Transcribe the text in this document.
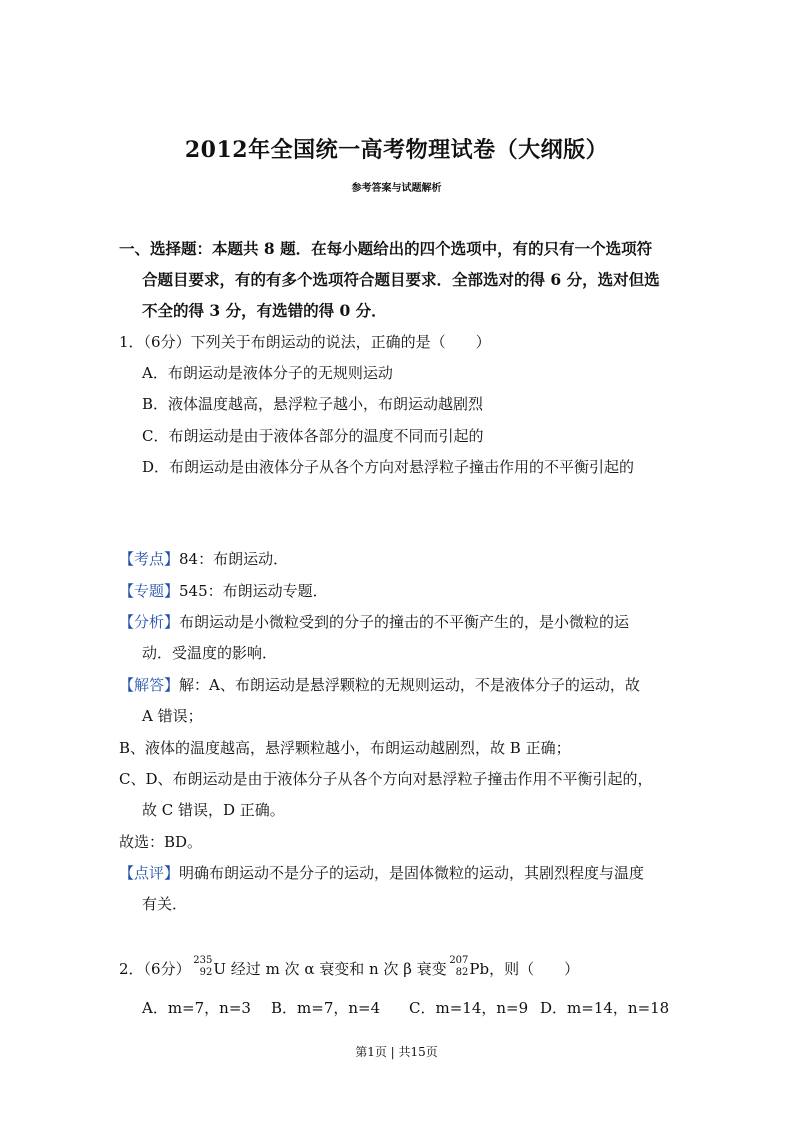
2012年全国统一高考物理试卷（大纲版）
参考答案与试题解析
一、选择题：本题共 8 题．在每小题给出的四个选项中，有的只有一个选项符
合题目要求，有的有多个选项符合题目要求．全部选对的得 6 分，选对但选
不全的得 3 分，有选错的得 0 分．
1．（6分）下列关于布朗运动的说法，正确的是（　　）
A．布朗运动是液体分子的无规则运动
B．液体温度越高，悬浮粒子越小，布朗运动越剧烈
C．布朗运动是由于液体各部分的温度不同而引起的
D．布朗运动是由液体分子从各个方向对悬浮粒子撞击作用的不平衡引起的
【考点】84：布朗运动．
【专题】545：布朗运动专题．
【分析】布朗运动是小微粒受到的分子的撞击的不平衡产生的，是小微粒的运
动．受温度的影响．
【解答】解：A、布朗运动是悬浮颗粒的无规则运动，不是液体分子的运动，故
A 错误；
B、液体的温度越高，悬浮颗粒越小，布朗运动越剧烈，故 B 正确；
C、D、布朗运动是由于液体分子从各个方向对悬浮粒子撞击作用不平衡引起的，
故 C 错误，D 正确。
故选：BD。
【点评】明确布朗运动不是分子的运动，是固体微粒的运动，其剧烈程度与温度
有关．
2．（6分） 235
92 U 经过 m 次 α 衰变和 n 次 β 衰变
207
82 Pb，则（　　）
A．m=7，n=3 B．m=7，n=4 C．m=14，n=9 D．m=14，n=18
第1页 | 共15页
